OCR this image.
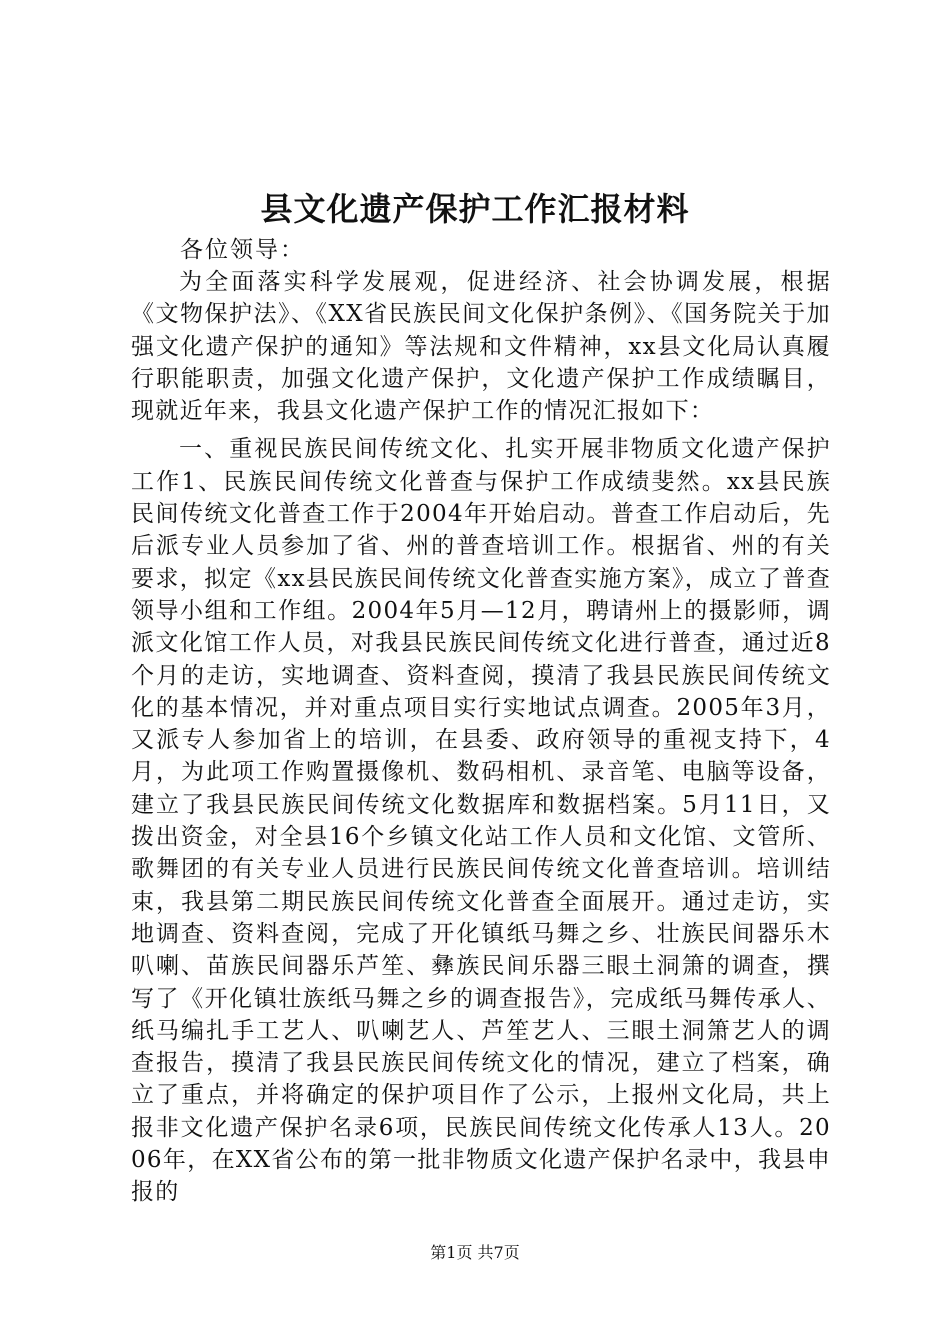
县文化遗产保护工作汇报材料

各位领导：

为全面落实科学发展观，促进经济、社会协调发展，根据《文物保护法》、《XX省民族民间文化保护条例》、《国务院关于加强文化遗产保护的通知》等法规和文件精神，xx县文化局认真履行职能职责，加强文化遗产保护，文化遗产保护工作成绩瞩目，现就近年来，我县文化遗产保护工作的情况汇报如下：

一、重视民族民间传统文化、扎实开展非物质文化遗产保护工作1、民族民间传统文化普查与保护工作成绩斐然。xx县民族民间传统文化普查工作于2004年开始启动。普查工作启动后，先后派专业人员参加了省、州的普查培训工作。根据省、州的有关要求，拟定《xx县民族民间传统文化普查实施方案》，成立了普查领导小组和工作组。2004年5月—12月，聘请州上的摄影师，调派文化馆工作人员，对我县民族民间传统文化进行普查，通过近8个月的走访，实地调查、资料查阅，摸清了我县民族民间传统文化的基本情况，并对重点项目实行实地试点调查。2005年3月，又派专人参加省上的培训，在县委、政府领导的重视支持下，4月，为此项工作购置摄像机、数码相机、录音笔、电脑等设备，建立了我县民族民间传统文化数据库和数据档案。5月11日，又拨出资金，对全县16个乡镇文化站工作人员和文化馆、文管所、歌舞团的有关专业人员进行民族民间传统文化普查培训。培训结束，我县第二期民族民间传统文化普查全面展开。通过走访，实地调查、资料查阅，完成了开化镇纸马舞之乡、壮族民间器乐木叭喇、苗族民间器乐芦笙、彝族民间乐器三眼土洞箫的调查，撰写了《开化镇壮族纸马舞之乡的调查报告》，完成纸马舞传承人、纸马编扎手工艺人、叭喇艺人、芦笙艺人、三眼土洞箫艺人的调查报告，摸清了我县民族民间传统文化的情况，建立了档案，确立了重点，并将确定的保护项目作了公示，上报州文化局，共上报非文化遗产保护名录6项，民族民间传统文化传承人13人。2006年，在XX省公布的第一批非物质文化遗产保护名录中，我县申报的

第1页 共7页
